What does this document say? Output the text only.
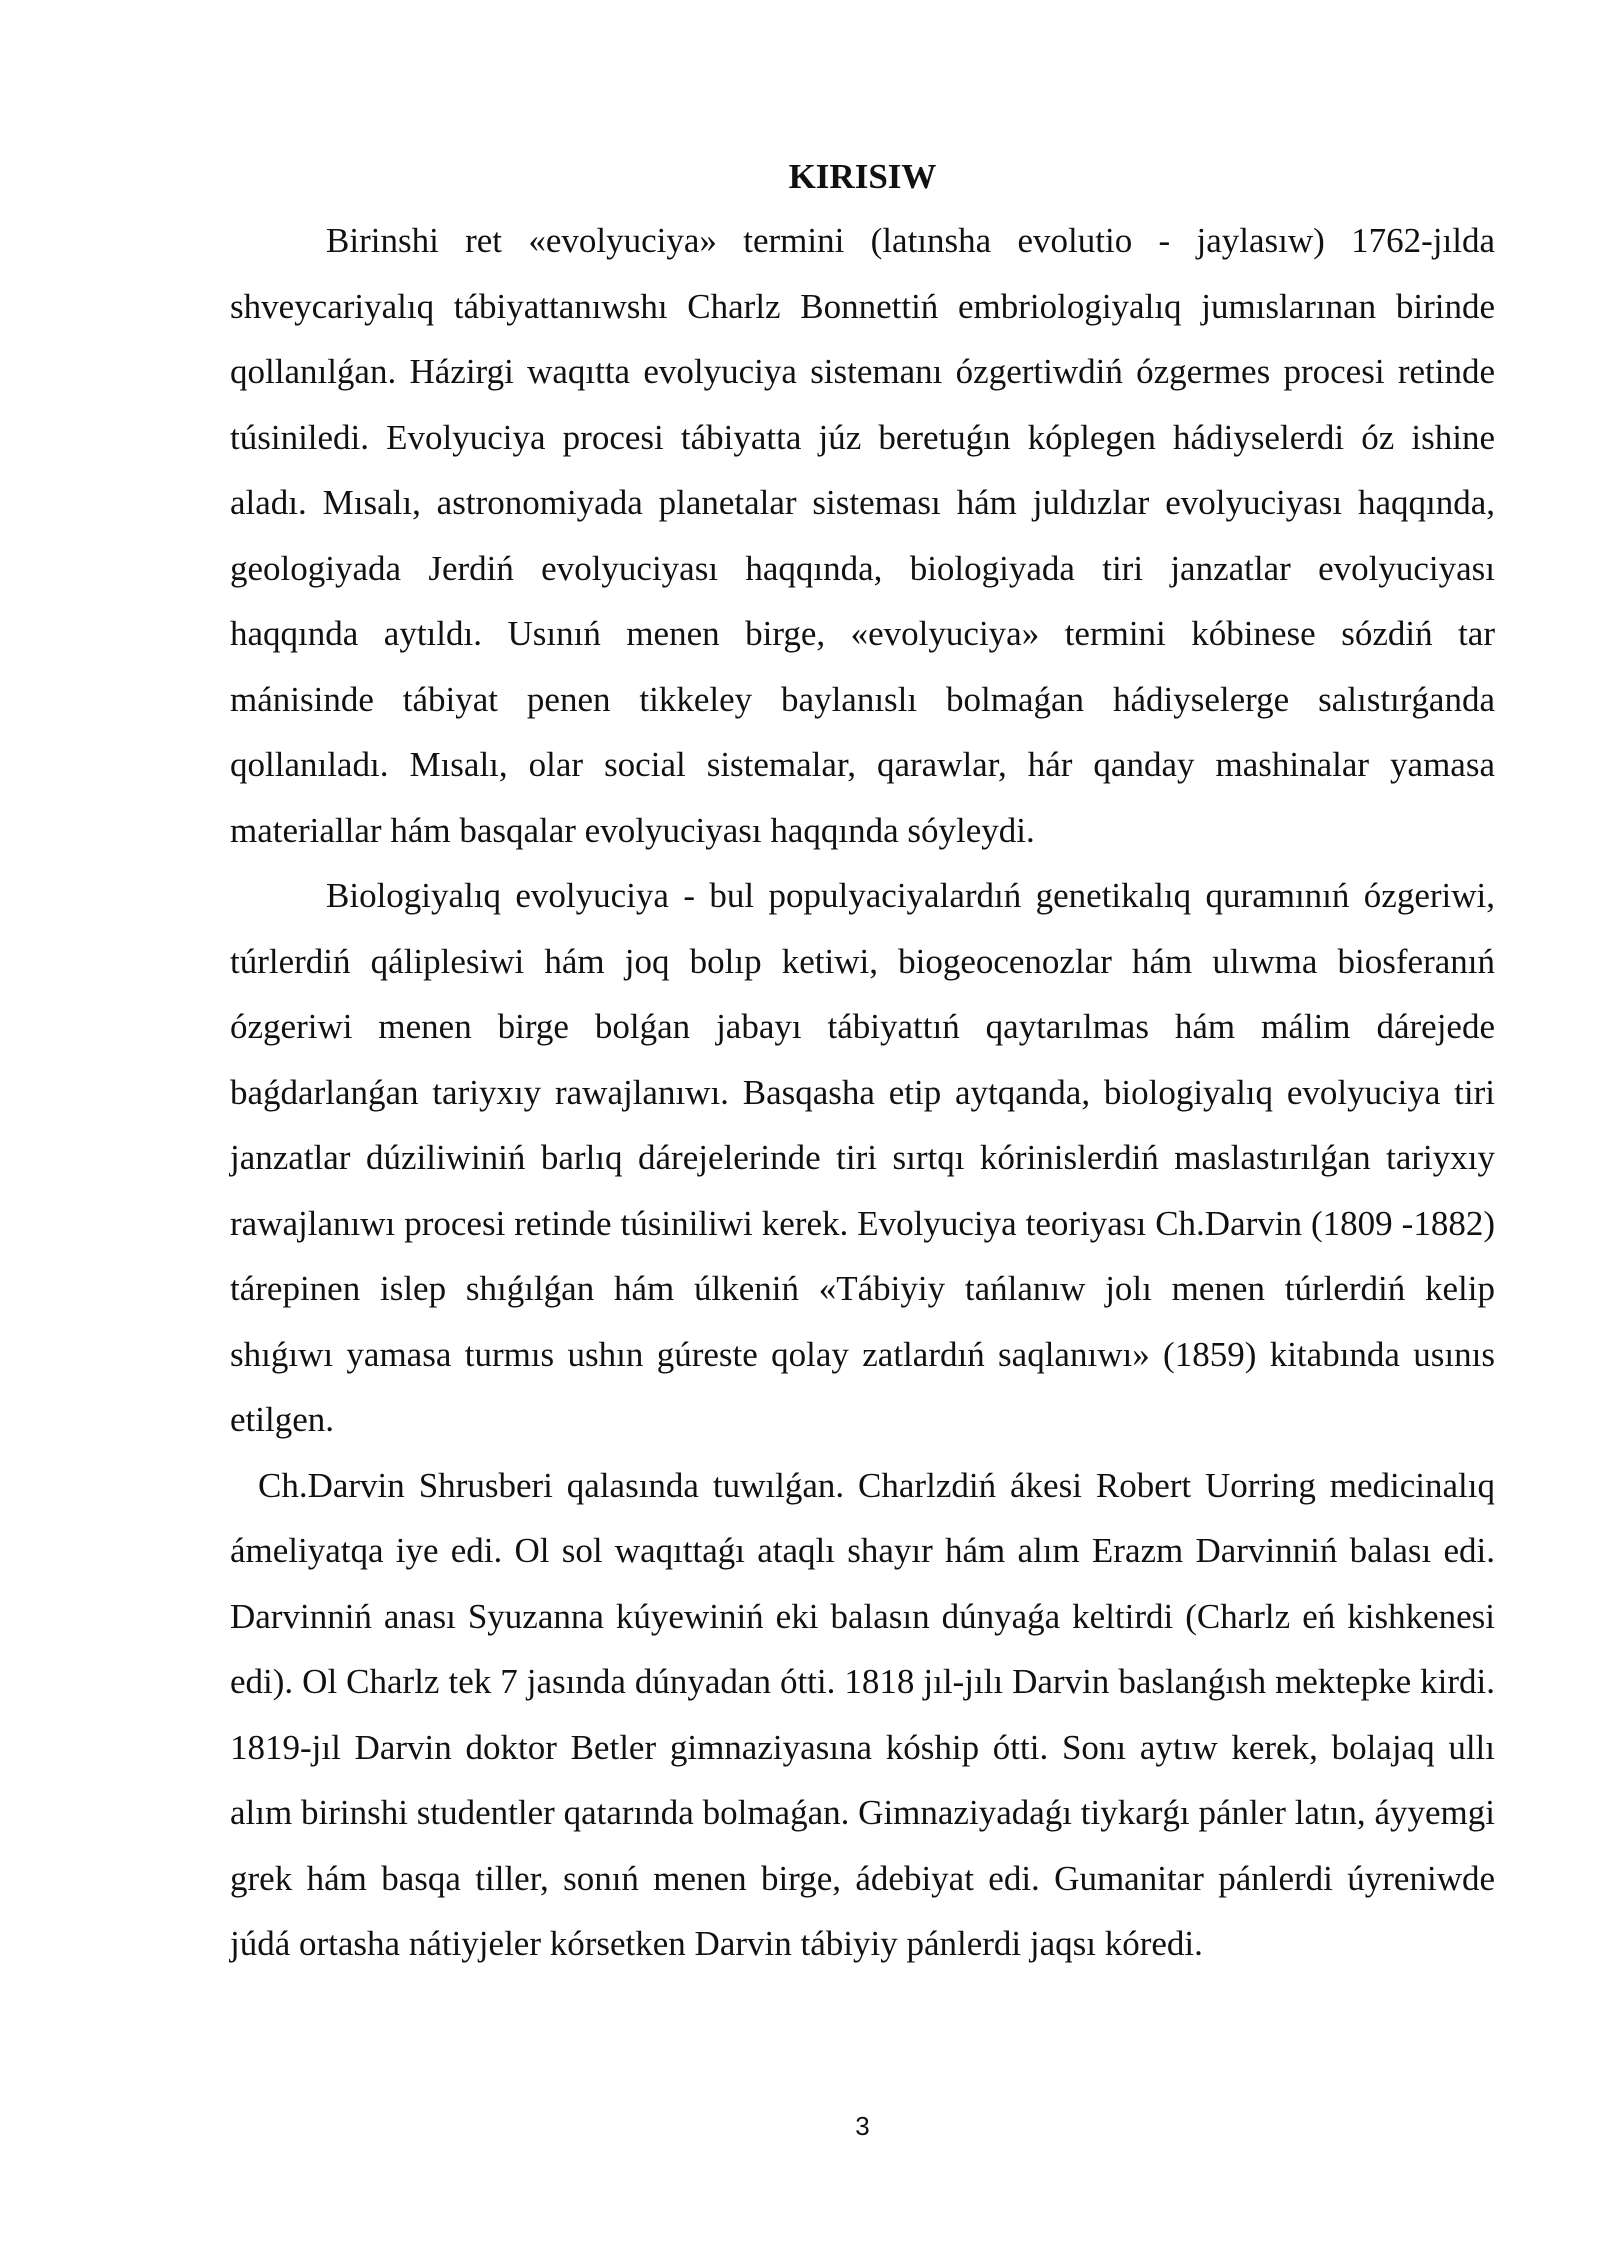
KIRISIW

Birinshi ret «evolyuciya» termini (latınsha evolutio - jaylasıw) 1762-jılda shveycariyalıq tábiyattanıwshı Charlz Bonnettiń embriologiyalıq jumıslarınan birinde qollanılǵan. Házirgi waqıtta evolyuciya sistemanı ózgertiwdiń ózgermes procesi retinde túsiniledi. Evolyuciya procesi tábiyatta júz beretuǵın kóplegen hádiyselerdi óz ishine aladı. Mısalı, astronomiyada planetalar sisteması hám juldızlar evolyuciyası haqqında, geologiyada Jerdiń evolyuciyası haqqında, biologiyada tiri janzatlar evolyuciyası haqqında aytıldı. Usınıń menen birge, «evolyuciya» termini kóbinese sózdiń tar mánisinde tábiyat penen tikkeley baylanıslı bolmaǵan hádiyselerge salıstırǵanda qollanıladı. Mısalı, olar social sistemalar, qarawlar, hár qanday mashinalar yamasa materiallar hám basqalar evolyuciyası haqqında sóyleydi.

Biologiyalıq evolyuciya - bul populyaciyalardıń genetikalıq quramınıń ózgeriwi, túrlerdiń qáliplesiwi hám joq bolıp ketiwi, biogeocenozlar hám ulıwma biosferanıń ózgeriwi menen birge bolǵan jabayı tábiyattıń qaytarılmas hám málim dárejede baǵdarlanǵan tariyxıy rawajlanıwı. Basqasha etip aytqanda, biologiyalıq evolyuciya tiri janzatlar dúziliwiniń barlıq dárejelerinde tiri sırtqı kórinislerdiń maslastırılǵan tariyxıy rawajlanıwı procesi retinde túsiniliwi kerek. Evolyuciya teoriyası Ch.Darvin (1809 -1882) tárepinen islep shıǵılǵan hám úlkeniń «Tábiyiy tańlanıw jolı menen túrlerdiń kelip shıǵıwı yamasa turmıs ushın gúreste qolay zatlardıń saqlanıwı» (1859) kitabında usınıs etilgen.

Ch.Darvin Shrusberi qalasında tuwılǵan. Charlzdiń ákesi Robert Uorring medicinalıq ámeliyatqa iye edi. Ol sol waqıttaǵı ataqlı shayır hám alım Erazm Darvinniń balası edi. Darvinniń anası Syuzanna kúyewiniń eki balasın dúnyaǵa keltirdi (Charlz eń kishkenesi edi). Ol Charlz tek 7 jasında dúnyadan ótti. 1818 jıl-jılı Darvin baslanǵısh mektepke kirdi. 1819-jıl Darvin doktor Betler gimnaziyasına kóship ótti. Sonı aytıw kerek, bolajaq ullı alım birinshi studentler qatarında bolmaǵan. Gimnaziyadaǵı tiykarǵı pánler latın, áyyemgi grek hám basqa tiller, sonıń menen birge, ádebiyat edi. Gumanitar pánlerdi úyreniwde júdá ortasha nátiyjeler kórsetken Darvin tábiyiy pánlerdi jaqsı kóredi.

3
